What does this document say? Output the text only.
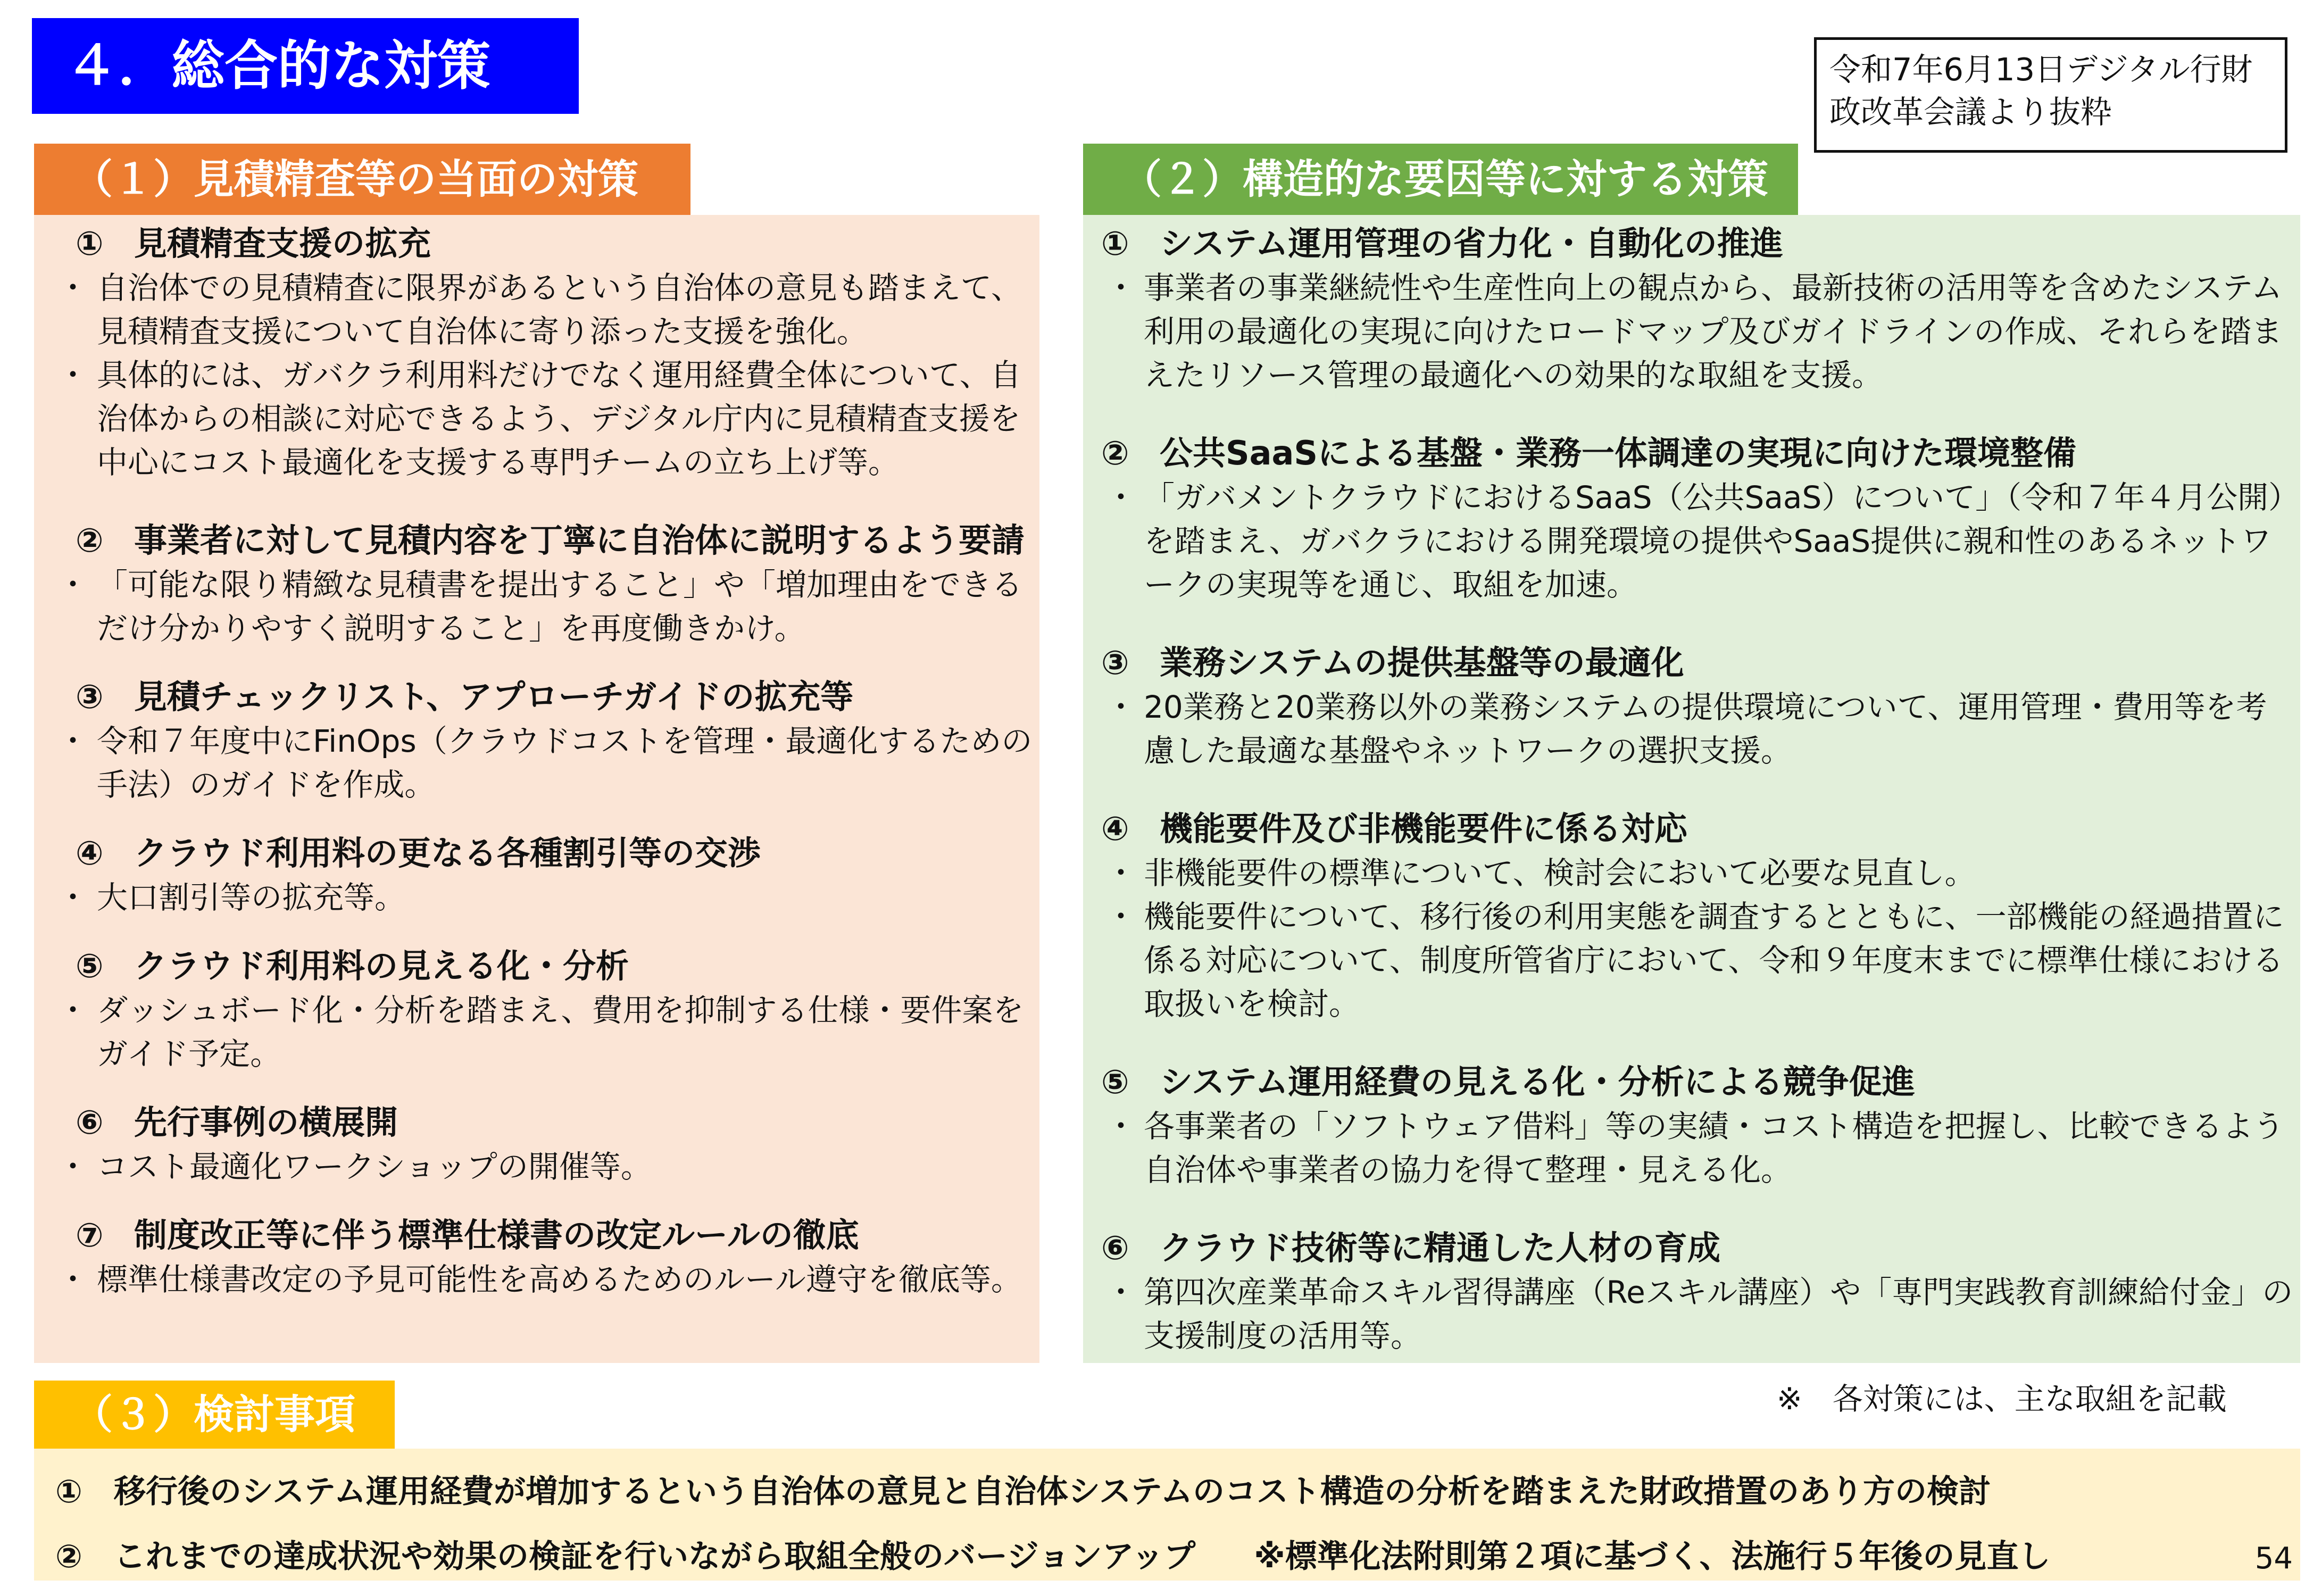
４．総合的な対策	令和7年6月13日デジタル行財政改革会議より抜粋
（１）見積精査等の当面の対策

① 見積精査支援の拡充

・ 自治体での見積精査に限界があるという自治体の意見も踏まえて、見積精査支援について自治体に寄り添った支援を強化。

・ 具体的には、ガバクラ利用料だけでなく運用経費全体について、自治体からの相談に対応できるよう、デジタル庁内に見積精査支援を中心にコスト最適化を支援する専門チームの立ち上げ等。

② 事業者に対して見積内容を丁寧に自治体に説明するよう要請

・ 「可能な限り精緻な見積書を提出すること」や「増加理由をできるだけ分かりやすく説明すること」を再度働きかけ。

③ 見積チェックリスト、アプローチガイドの拡充等

・ 令和７年度中にFinOps（クラウドコストを管理・最適化するための手法）のガイドを作成。

④ クラウド利用料の更なる各種割引等の交渉

・ 大口割引等の拡充等。

⑤ クラウド利用料の見える化・分析

・ ダッシュボード化・分析を踏まえ、費用を抑制する仕様・要件案をガイド予定。

⑥ 先行事例の横展開

・ コスト最適化ワークショップの開催等。

⑦ 制度改正等に伴う標準仕様書の改定ルールの徹底

・ 標準仕様書改定の予見可能性を高めるためのルール遵守を徹底等。

（２）構造的な要因等に対する対策

① システム運用管理の省力化・自動化の推進

・ 事業者の事業継続性や生産性向上の観点から、最新技術の活用等を含めたシステム利用の最適化の実現に向けたロードマップ及びガイドラインの作成、それらを踏まえたリソース管理の最適化への効果的な取組を支援。

② 公共SaaSによる基盤・業務一体調達の実現に向けた環境整備

・ 「ガバメントクラウドにおけるSaaS（公共SaaS）について」（令和７年４月公開）を踏まえ、ガバクラにおける開発環境の提供やSaaS提供に親和性のあるネットワークの実現等を通じ、取組を加速。

③ 業務システムの提供基盤等の最適化

・ 20業務と20業務以外の業務システムの提供環境について、運用管理・費用等を考慮した最適な基盤やネットワークの選択支援。

④ 機能要件及び非機能要件に係る対応

・ 非機能要件の標準について、検討会において必要な見直し。

・ 機能要件について、移行後の利用実態を調査するとともに、一部機能の経過措置に係る対応について、制度所管省庁において、令和９年度末までに標準仕様における取扱いを検討。

⑤ システム運用経費の見える化・分析による競争促進

・ 各事業者の「ソフトウェア借料」等の実績・コスト構造を把握し、比較できるよう自治体や事業者の協力を得て整理・見える化。

⑥ クラウド技術等に精通した人材の育成

・ 第四次産業革命スキル習得講座（Reスキル講座）や「専門実践教育訓練給付金」の支援制度の活用等。

※　各対策には、主な取組を記載
（３）検討事項

① 移行後のシステム運用経費が増加するという自治体の意見と自治体システムのコスト構造の分析を踏まえた財政措置のあり方の検討

② これまでの達成状況や効果の検証を行いながら取組全般のバージョンアップ ※標準化法附則第２項に基づく、法施行５年後の見直し	54
